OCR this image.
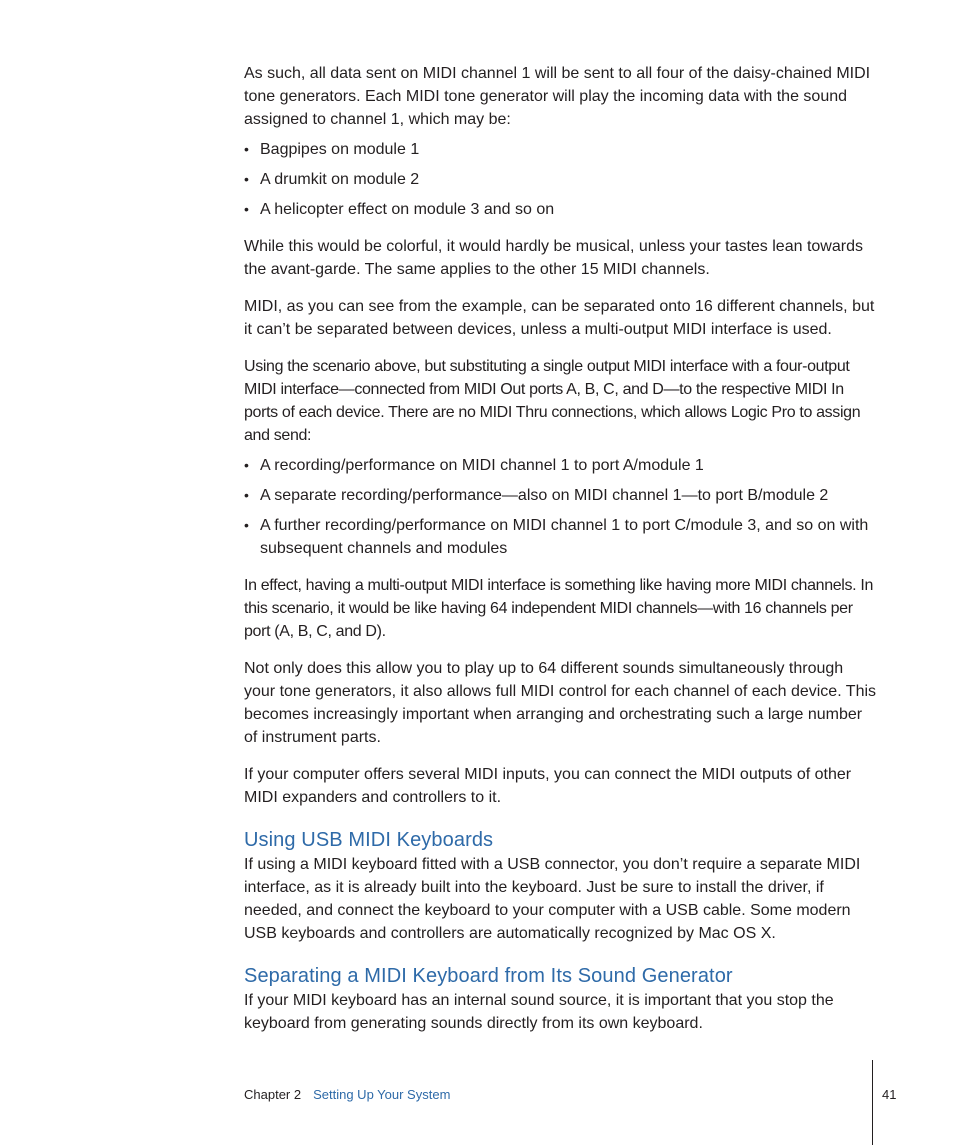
As such, all data sent on MIDI channel 1 will be sent to all four of the daisy-chained MIDI tone generators. Each MIDI tone generator will play the incoming data with the sound assigned to channel 1, which may be:

• Bagpipes on module 1
• A drumkit on module 2
• A helicopter effect on module 3 and so on

While this would be colorful, it would hardly be musical, unless your tastes lean towards the avant-garde. The same applies to the other 15 MIDI channels.

MIDI, as you can see from the example, can be separated onto 16 different channels, but it can’t be separated between devices, unless a multi-output MIDI interface is used.

Using the scenario above, but substituting a single output MIDI interface with a four-output MIDI interface—connected from MIDI Out ports A, B, C, and D—to the respective MIDI In ports of each device. There are no MIDI Thru connections, which allows Logic Pro to assign and send:

• A recording/performance on MIDI channel 1 to port A/module 1
• A separate recording/performance—also on MIDI channel 1—to port B/module 2
• A further recording/performance on MIDI channel 1 to port C/module 3, and so on with subsequent channels and modules

In effect, having a multi-output MIDI interface is something like having more MIDI channels. In this scenario, it would be like having 64 independent MIDI channels—with 16 channels per port (A, B, C, and D).

Not only does this allow you to play up to 64 different sounds simultaneously through your tone generators, it also allows full MIDI control for each channel of each device. This becomes increasingly important when arranging and orchestrating such a large number of instrument parts.

If your computer offers several MIDI inputs, you can connect the MIDI outputs of other MIDI expanders and controllers to it.

Using USB MIDI Keyboards

If using a MIDI keyboard fitted with a USB connector, you don’t require a separate MIDI interface, as it is already built into the keyboard. Just be sure to install the driver, if needed, and connect the keyboard to your computer with a USB cable. Some modern USB keyboards and controllers are automatically recognized by Mac OS X.

Separating a MIDI Keyboard from Its Sound Generator

If your MIDI keyboard has an internal sound source, it is important that you stop the keyboard from generating sounds directly from its own keyboard.

Chapter 2 Setting Up Your System	41
